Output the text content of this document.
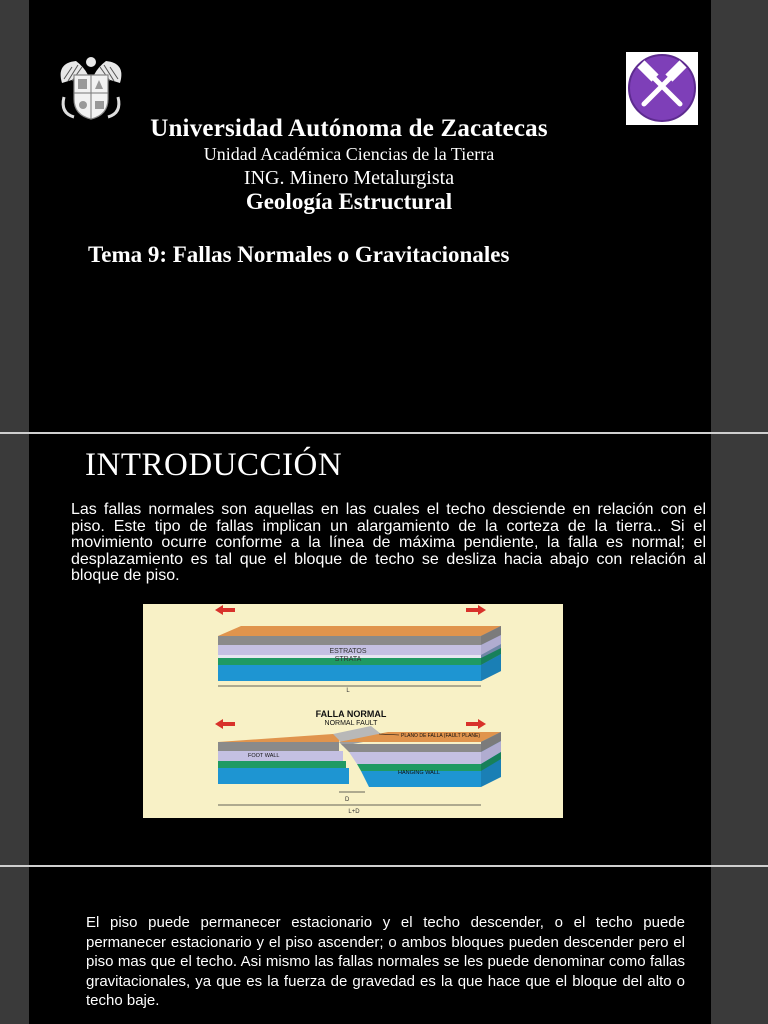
Universidad Autónoma de Zacatecas
Unidad Académica Ciencias de la Tierra
ING. Minero Metalurgista
Geología Estructural
Tema 9: Fallas Normales o Gravitacionales
INTRODUCCIÓN
Las fallas normales son aquellas en las cuales el techo desciende en relación con el piso. Este tipo de fallas implican un alargamiento de la corteza de la tierra.. Si el movimiento ocurre conforme a la línea de máxima pendiente, la falla es normal; el desplazamiento es tal que el bloque de techo se desliza hacia abajo con relación al bloque de piso.
ESTRATOS
STRATA
L
FALLA NORMAL
NORMAL FAULT
PLANO DE FALLA (FAULT PLANE)
FOOT WALL
HANGING WALL
D
L+D
El piso puede permanecer estacionario y el techo descender, o el techo puede permanecer estacionario y el piso ascender; o ambos bloques pueden descender pero el piso mas que el techo. Asi mismo las fallas normales se les puede denominar como fallas gravitacionales, ya que es la fuerza de gravedad es la que hace que el bloque del alto o techo baje.
